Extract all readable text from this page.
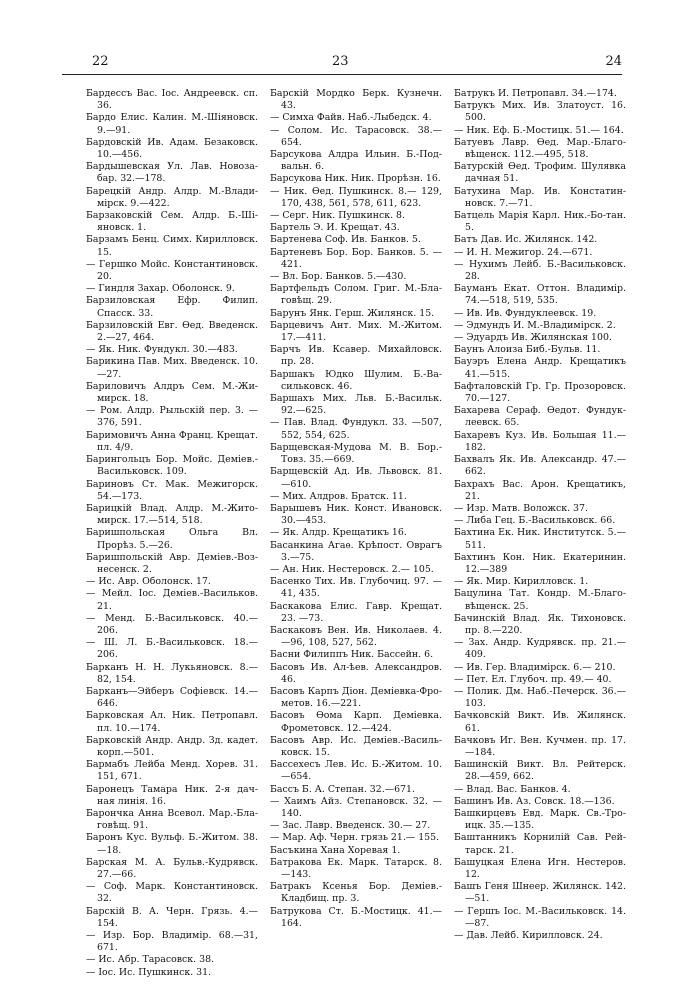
22	23	24

Бардессъ Вас. Іос. Андреевск. сп. 36.

Бардо Елис. Калин. М.-Шіяновск. 9.—91.

Бардовскій Ив. Адам. Безаковск. 10.—456.

Бардышевская Ул. Лав. Новоза-бар. 32.—178.

Барецкій Андр. Алдр. М.-Влади-мірск. 9.—422.

Барзаковскій Сем. Алдр. Б.-Ші-яновск. 1.

Барзамъ Бенц. Симх. Кирилловск. 15.

— Гершко Мойс. Константиновск. 20.

— Гиндля Захар. Оболонск. 9.

Барзиловская Ефр. Филип. Спасск. 33.

Барзиловскій Евг. Ѳед. Введенск. 2.—27, 464.

— Як. Ник. Фундукл. 30.—483.

Барикина Пав. Мих. Введенск. 10.—27.

Бариловичъ Алдръ Сем. М.-Жи-мирск. 18.

— Ром. Алдр. Рыльскій пер. 3. —376, 591.

Баримовичъ Анна Франц. Крещат. пл. 4/9.

Барингольцъ Бор. Мойс. Деміев.-Васильковск. 109.

Бариновъ Ст. Мак. Межигорск. 54.—173.

Барицкій Влад. Алдр. М.-Жито-мирск. 17.—514, 518.

Баришпольская Ольга Вл. Прорѣз. 5.—26.

Баришпольскій Авр. Деміев.-Воз-несенск. 2.

— Ис. Авр. Оболонск. 17.

— Мейл. Іос. Деміев.-Васильков. 21.

— Менд. Б.-Васильковск. 40.— 206.

— Ш. Л. Б.-Васильковск. 18.— 206.

Барканъ Н. Н. Лукьяновск. 8.— 82, 154.

Барканъ—Эйберъ Софіевск. 14.— 646.

Барковская Ал. Ник. Петропавл. пл. 10.—174.

Барковскій Андр. Андр. Зд. кадет. корп.—501.

Бармабъ Лейба Менд. Хорев. 31. 151, 671.

Баронецъ Тамара Ник. 2-я дач-ная линія. 16.

Барончка Анна Всевол. Мар.-Бла-говѣщ. 91.

Баронъ Кус. Вульф. Б.-Житом. 38.—18.

Барская М. А. Бульв.-Кудрявск. 27.—66.

— Соф. Марк. Константиновск. 32.

Барскій В. А. Черн. Грязь. 4.— 154.

— Изр. Бор. Владимір. 68.—31, 671.

— Ис. Абр. Тарасовск. 38.

— Іос. Ис. Пушкинск. 31.

Барскій Мордко Берк. Кузнечн. 43.

— Симха Файв. Наб.-Лыбедск. 4.

— Солом. Ис. Тарасовск. 38.— 654.

Барсукова Алдра Ильин. Б.-Под-вальн. 6.

Барсукова Ник. Ник. Прорѣзн. 16.

— Ник. Ѳед. Пушкинск. 8.— 129, 170, 438, 561, 578, 611, 623.

— Серг. Ник. Пушкинск. 8.

Бартель Э. И. Крещат. 43.

Бартенева Соф. Ив. Банков. 5.

Бартеневъ Бор. Бор. Банков. 5. —421.

— Вл. Бор. Банков. 5.—430.

Бартфельдъ Солом. Григ. М.-Бла-говѣщ. 29.

Барунъ Янк. Герш. Жилянск. 15.

Барцевичъ Ант. Мих. М.-Житом. 17.—411.

Барчъ Ив. Ксавер. Михайловск. пр. 28.

Баршакъ Юдко Шулим. Б.-Ва-сильковск. 46.

Баршахъ Мих. Льв. Б.-Васильк. 92.—625.

— Пав. Влад. Фундукл. 33. —507, 552, 554, 625.

Барщевская-Мудова М. В. Бор.-Товз. 35.—669.

Барщевскій Ад. Ив. Львовск. 81. —610.

— Мих. Алдров. Братск. 11.

Барышевъ Ник. Конст. Ивановск. 30.—453.

— Як. Алдр. Крещатикъ 16.

Басанкина Агаѳ. Крѣпост. Оврагъ 3.—75.

— Ан. Ник. Нестеровск. 2.— 105.

Басенко Тих. Ив. Глубочиц. 97. —41, 435.

Баскакова Елис. Гавр. Крещат. 23. —73.

Баскаковъ Вен. Ив. Николаев. 4. —96, 108, 527, 562.

Басни Филиппъ Ник. Бассейн. 6.

Басовъ Ив. Ал-ѣев. Александров. 46.

Басовъ Карпъ Діон. Деміевка-Фро-метов. 16.—221.

Басовъ Ѳома Карп. Деміевка. Фрометовск. 12.—424.

Басовъ Авр. Ис. Деміев.-Василь-ковск. 15.

Бассехесъ Лев. Ис. Б.-Житом. 10.—654.

Бассъ Б. А. Степан. 32.—671.

— Хаимъ Айз. Степановск. 32. —140.

— Зас. Лавр. Введенск. 30.— 27.

— Мар. Аф. Черн. грязь 21.— 155.

Басъкина Хана Хоревая 1.

Батракова Ек. Марк. Татарск. 8. —143.

Батракъ Ксенья Бор. Деміев.-Кладбищ. пр. 3.

Батрукова Ст. Б.-Мостицк. 41.— 164.

Батрукъ И. Петропавл. 34.—174.

Батрукъ Мих. Ив. Златоуст. 16. 500.

— Ник. Еф. Б.-Мостицк. 51.— 164.

Батуевъ Лавр. Ѳед. Мар.-Благо-вѣщенск. 112.—495, 518.

Батурскій Ѳед. Трофим. Шулявка дачная 51.

Батухина Мар. Ив. Констатин-новск. 7.—71.

Батцель Марія Карл. Ник.-Бо-тан. 5.

Батъ Дав. Ис. Жилянск. 142.

— И. Н. Межигор. 24.—671.

— Нухимъ Лейб. Б.-Васильковск. 28.

Бауманъ Екат. Оттон. Владимір. 74.—518, 519, 535.

— Ив. Ив. Фундуклеевск. 19.

— Эдмундъ И. М.-Владимірск. 2.

— Эдуардъ Ив. Жилянская 100.

Баунъ Алоиза Биб.-Бульв. 11.

Бауэръ Елена Андр. Крещатикъ 41.—515.

Бафталовскій Гр. Гр. Прозоровск. 70.—127.

Бахарева Сераф. Ѳедот. Фундук-леевск. 65.

Бахаревъ Куз. Ив. Большая 11.— 182.

Бахвалъ Як. Ив. Александр. 47.— 662.

Бахрахъ Вас. Арон. Крещатикъ, 21.

— Изр. Матв. Воложск. 37.

— Либа Гец. Б.-Васильковск. 66.

Бахтина Ек. Ник. Институтск. 5.—511.

Бахтинъ Кон. Ник. Екатеринин. 12.—389

— Як. Мир. Кирилловск. 1.

Бацулина Тат. Кондр. М.-Благо-вѣщенск. 25.

Бачинскій Влад. Як. Тихоновск. пр. 8.—220.

— Зах. Андр. Кудрявск. пр. 21.—409.

— Ив. Гер. Владимірск. 6.— 210.

— Пет. Ел. Глубоч. пр. 49.— 40.

— Полик. Дм. Наб.-Печерск. 36.—103.

Бачковскій Викт. Ив. Жилянск. 61.

Бачковъ Иг. Вен. Кучмен. пр. 17. —184.

Башинскій Викт. Вл. Рейтерск. 28.—459, 662.

— Влад. Вас. Банков. 4.

Башинъ Ив. Аз. Совск. 18.—136.

Башкирцевъ Евд. Марк. Св.-Тро-ицк. 35.—135.

Баштанникъ Корнилій Сав. Рей-тарск. 21.

Башуцкая Елена Игн. Нестеров. 12.

Башъ Геня Шнеер. Жилянск. 142.—51.

— Гершъ Іос. М.-Васильковск. 14.—87.

— Дав. Лейб. Кирилловск. 24.
